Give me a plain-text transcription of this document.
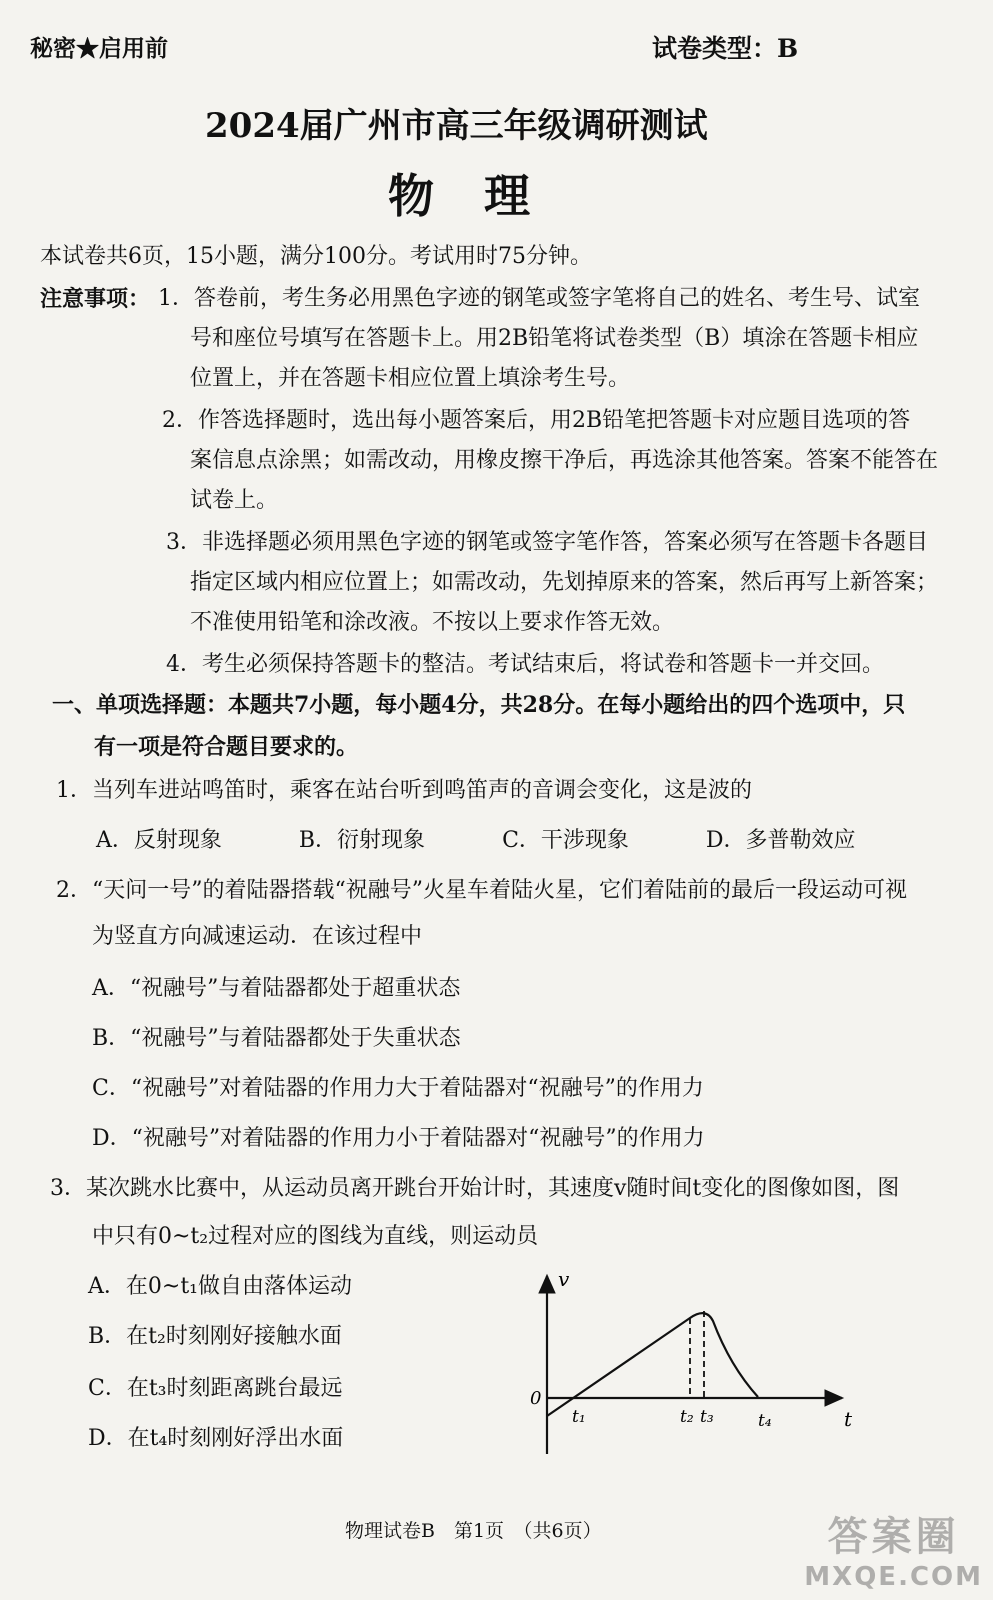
秘密★启用前	试卷类型：B
2024届广州市高三年级调研测试
物　理
本试卷共6页，15小题，满分100分。考试用时75分钟。
注意事项： 1．答卷前，考生务必用黑色字迹的钢笔或签字笔将自己的姓名、考生号、试室
号和座位号填写在答题卡上。用2B铅笔将试卷类型（B）填涂在答题卡相应
位置上，并在答题卡相应位置上填涂考生号。
2．作答选择题时，选出每小题答案后，用2B铅笔把答题卡对应题目选项的答
案信息点涂黑；如需改动，用橡皮擦干净后，再选涂其他答案。答案不能答在
试卷上。
3．非选择题必须用黑色字迹的钢笔或签字笔作答，答案必须写在答题卡各题目
指定区域内相应位置上；如需改动，先划掉原来的答案，然后再写上新答案；
不准使用铅笔和涂改液。不按以上要求作答无效。
4．考生必须保持答题卡的整洁。考试结束后，将试卷和答题卡一并交回。
一、单项选择题：本题共7小题，每小题4分，共28分。在每小题给出的四个选项中，只
有一项是符合题目要求的。
1．当列车进站鸣笛时，乘客在站台听到鸣笛声的音调会变化，这是波的
A．反射现象	B．衍射现象	C．干涉现象	D．多普勒效应
2．“天问一号”的着陆器搭载“祝融号”火星车着陆火星，它们着陆前的最后一段运动可视
为竖直方向减速运动．在该过程中
A．“祝融号”与着陆器都处于超重状态
B．“祝融号”与着陆器都处于失重状态
C．“祝融号”对着陆器的作用力大于着陆器对“祝融号”的作用力
D．“祝融号”对着陆器的作用力小于着陆器对“祝融号”的作用力
3．某次跳水比赛中，从运动员离开跳台开始计时，其速度v随时间t变化的图像如图，图
中只有0~t₂过程对应的图线为直线，则运动员
A．在0~t₁做自由落体运动
B．在t₂时刻刚好接触水面
C．在t₃时刻距离跳台最远
D．在t₄时刻刚好浮出水面
v
0
t
t₁	t₂ t₃	t₄
物理试卷B　第1页　（共6页）	答案圈
MXQE.COM
